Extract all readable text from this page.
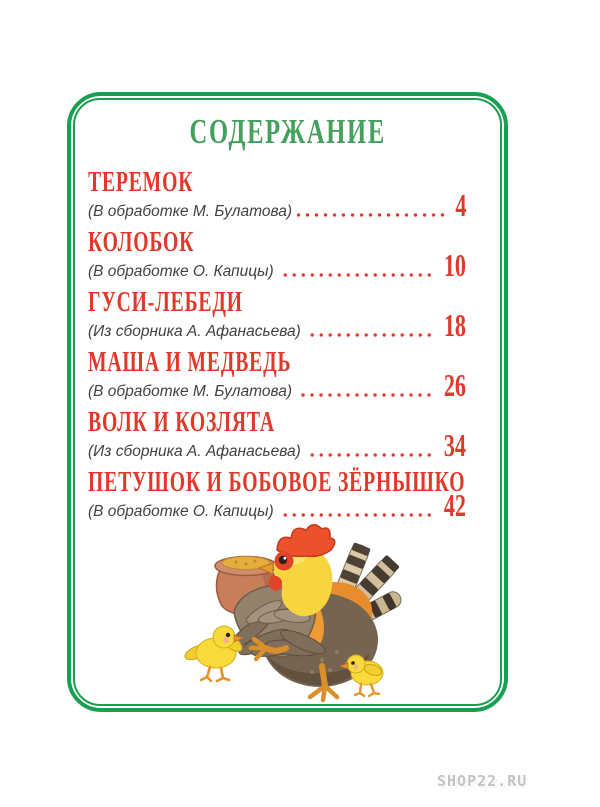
СОДЕРЖАНИЕ
ТЕРЕМОК
(В обработке М. Булатова)	4
КОЛОБОК
(В обработке О. Капицы)	10
ГУСИ-ЛЕБЕДИ
(Из сборника А. Афанасьева)	18
МАША И МЕДВЕДЬ
(В обработке М. Булатова)	26
ВОЛК И КОЗЛЯТА
(Из сборника А. Афанасьева)	34
ПЕТУШОК И БОБОВОЕ ЗЁРНЫШКО
(В обработке О. Капицы)	42
SHOP22.RU
